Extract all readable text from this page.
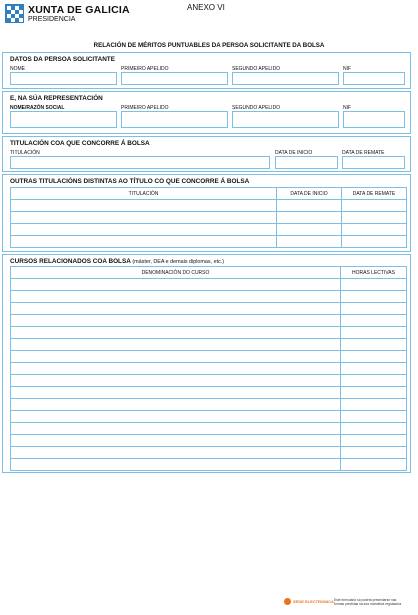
XUNTA DE GALICIA
PRESIDENCIA
ANEXO VI
RELACIÓN DE MÉRITOS PUNTUABLES DA PERSOA SOLICITANTE DA BOLSA
DATOS DA PERSOA SOLICITANTE
NOME	PRIMEIRO APELIDO	SEGUNDO APELIDO	NIF
E, NA SÚA REPRESENTACIÓN
NOME/RAZÓN SOCIAL	PRIMEIRO APELIDO	SEGUNDO APELIDO	NIF
TITULACIÓN COA QUE CONCORRE Á BOLSA
TITULACIÓN	DATA DE INICIO	DATA DE REMATE
OUTRAS TITULACIÓNS DISTINTAS AO TÍTULO CO QUE CONCORRE Á BOLSA
TITULACIÓN	DATA DE INICIO	DATA DE REMATE

CURSOS RELACIONADOS COA BOLSA (máster, DEA e demais diplomas, etc.)
DENOMINACIÓN DO CURSO	HORAS LECTIVAS

SEDE ELECTRÓNICA Este formulario só poderá presentarse nas
formas previstas na súa normativa reguladora
